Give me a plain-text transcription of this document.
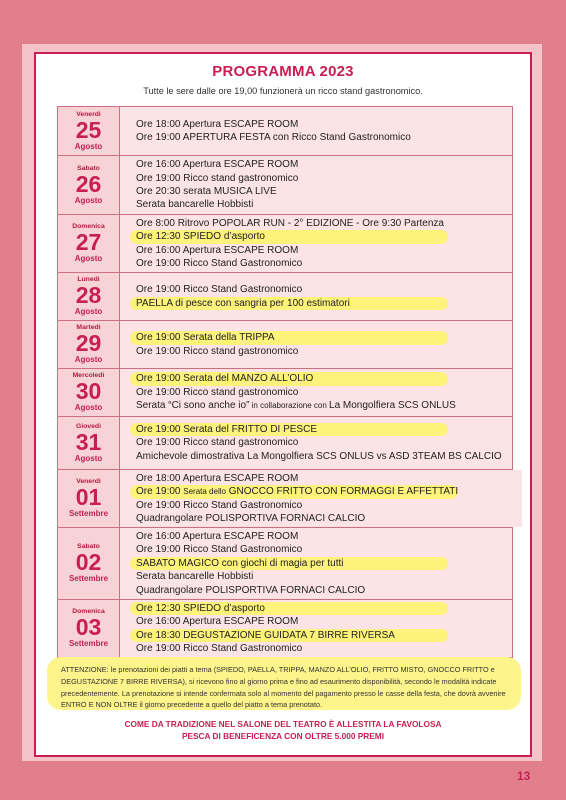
PROGRAMMA 2023
Tutte le sere dalle ore 19,00 funzionerà un ricco stand gastronomico.
Venerdì
25
Agosto
Ore 18:00 Apertura ESCAPE ROOM
Ore 19:00 APERTURA FESTA con Ricco Stand Gastronomico
Sabato
26
Agosto
Ore 16:00 Apertura ESCAPE ROOM
Ore 19:00 Ricco stand gastronomico
Ore 20:30 serata MUSICA LIVE
Serata bancarelle Hobbisti
Domenica
27
Agosto
Ore 8:00 Ritrovo POPOLAR RUN - 2° EDIZIONE - Ore 9:30 Partenza
Ore 12:30 SPIEDO d’asporto
Ore 16:00 Apertura ESCAPE ROOM
Ore 19:00 Ricco Stand Gastronomico
Lunedì
28
Agosto
Ore 19:00 Ricco Stand Gastronomico
PAELLA di pesce con sangria per 100 estimatori
Martedì
29
Agosto
Ore 19:00 Serata della TRIPPA
Ore 19:00 Ricco stand gastronomico
Mercoledì
30
Agosto
Ore 19:00 Serata del MANZO ALL’OLIO
Ore 19:00 Ricco stand gastronomico
Serata “Ci sono anche io” in collaborazione con La Mongolfiera SCS ONLUS
Giovedì
31
Agosto
Ore 19:00 Serata del FRITTO DI PESCE
Ore 19:00 Ricco stand gastronomico
Amichevole dimostrativa La Mongolfiera SCS ONLUS vs ASD 3TEAM BS CALCIO
Venerdì
01
Settembre
Ore 18:00 Apertura ESCAPE ROOM
Ore 19:00 Serata dello GNOCCO FRITTO CON FORMAGGI E AFFETTATI
Ore 19:00 Ricco Stand Gastronomico
Quadrangolare POLISPORTIVA FORNACI CALCIO
Sabato
02
Settembre
Ore 16:00 Apertura ESCAPE ROOM
Ore 19:00 Ricco Stand Gastronomico
SABATO MAGICO con giochi di magia per tutti
Serata bancarelle Hobbisti
Quadrangolare POLISPORTIVA FORNACI CALCIO
Domenica
03
Settembre
Ore 12:30 SPIEDO d’asporto
Ore 16:00 Apertura ESCAPE ROOM
Ore 18:30 DEGUSTAZIONE GUIDATA 7 BIRRE RIVERSA
Ore 19:00 Ricco Stand Gastronomico
ATTENZIONE: le prenotazioni dei piatti a tema (SPIEDO, PAELLA, TRIPPA, MANZO ALL’OLIO, FRITTO MISTO, GNOCCO FRITTO e DEGUSTAZIONE 7 BIRRE RIVERSA), si ricevono fino al giorno prima e fino ad esaurimento disponibilità, secondo le modalità indicate precedentemente. La prenotazione si intende confermata solo al momento del pagamento presso le casse della festa, che dovrà avvenire ENTRO E NON OLTRE il giorno precedente a quello del piatto a tema prenotato.
COME DA TRADIZIONE NEL SALONE DEL TEATRO È ALLESTITA LA FAVOLOSA
PESCA DI BENEFICENZA CON OLTRE 5.000 PREMI
13
